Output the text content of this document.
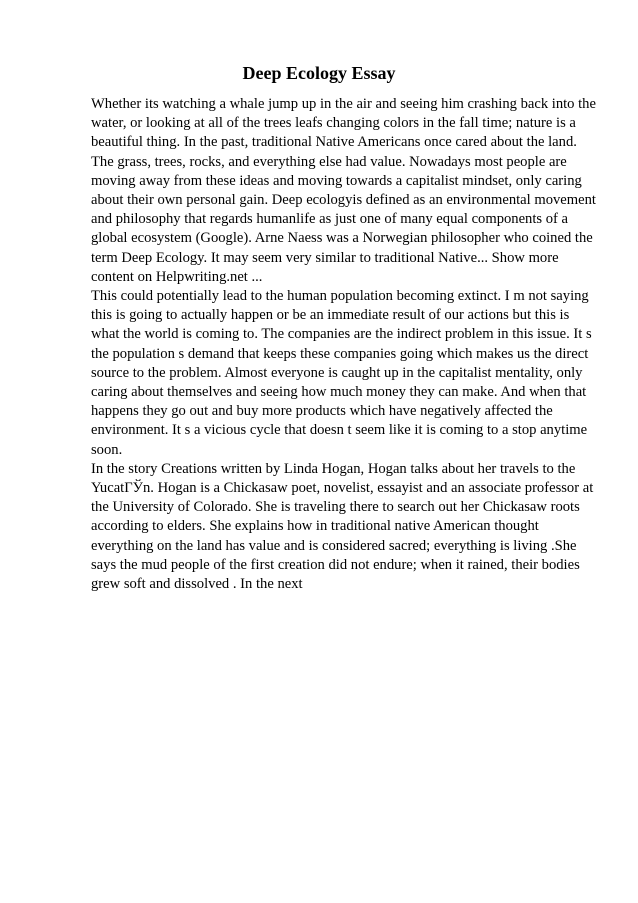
Deep Ecology Essay

Whether its watching a whale jump up in the air and seeing him crashing back into the water, or looking at all of the trees leafs changing colors in the fall time; nature is a beautiful thing. In the past, traditional Native Americans once cared about the land. The grass, trees, rocks, and everything else had value. Nowadays most people are moving away from these ideas and moving towards a capitalist mindset, only caring about their own personal gain. Deep ecologyis defined as an environmental movement and philosophy that regards humanlife as just one of many equal components of a global ecosystem (Google). Arne Naess was a Norwegian philosopher who coined the term Deep Ecology. It may seem very similar to traditional Native... Show more content on Helpwriting.net ...

This could potentially lead to the human population becoming extinct. I m not saying this is going to actually happen or be an immediate result of our actions but this is what the world is coming to. The companies are the indirect problem in this issue. It s the population s demand that keeps these companies going which makes us the direct source to the problem. Almost everyone is caught up in the capitalist mentality, only caring about themselves and seeing how much money they can make. And when that happens they go out and buy more products which have negatively affected the environment. It s a vicious cycle that doesn t seem like it is coming to a stop anytime soon.

In the story Creations written by Linda Hogan, Hogan talks about her travels to the YucatГЎn. Hogan is a Chickasaw poet, novelist, essayist and an associate professor at the University of Colorado. She is traveling there to search out her Chickasaw roots according to elders. She explains how in traditional native American thought everything on the land has value and is considered sacred; everything is living .She says the mud people of the first creation did not endure; when it rained, their bodies grew soft and dissolved . In the next
